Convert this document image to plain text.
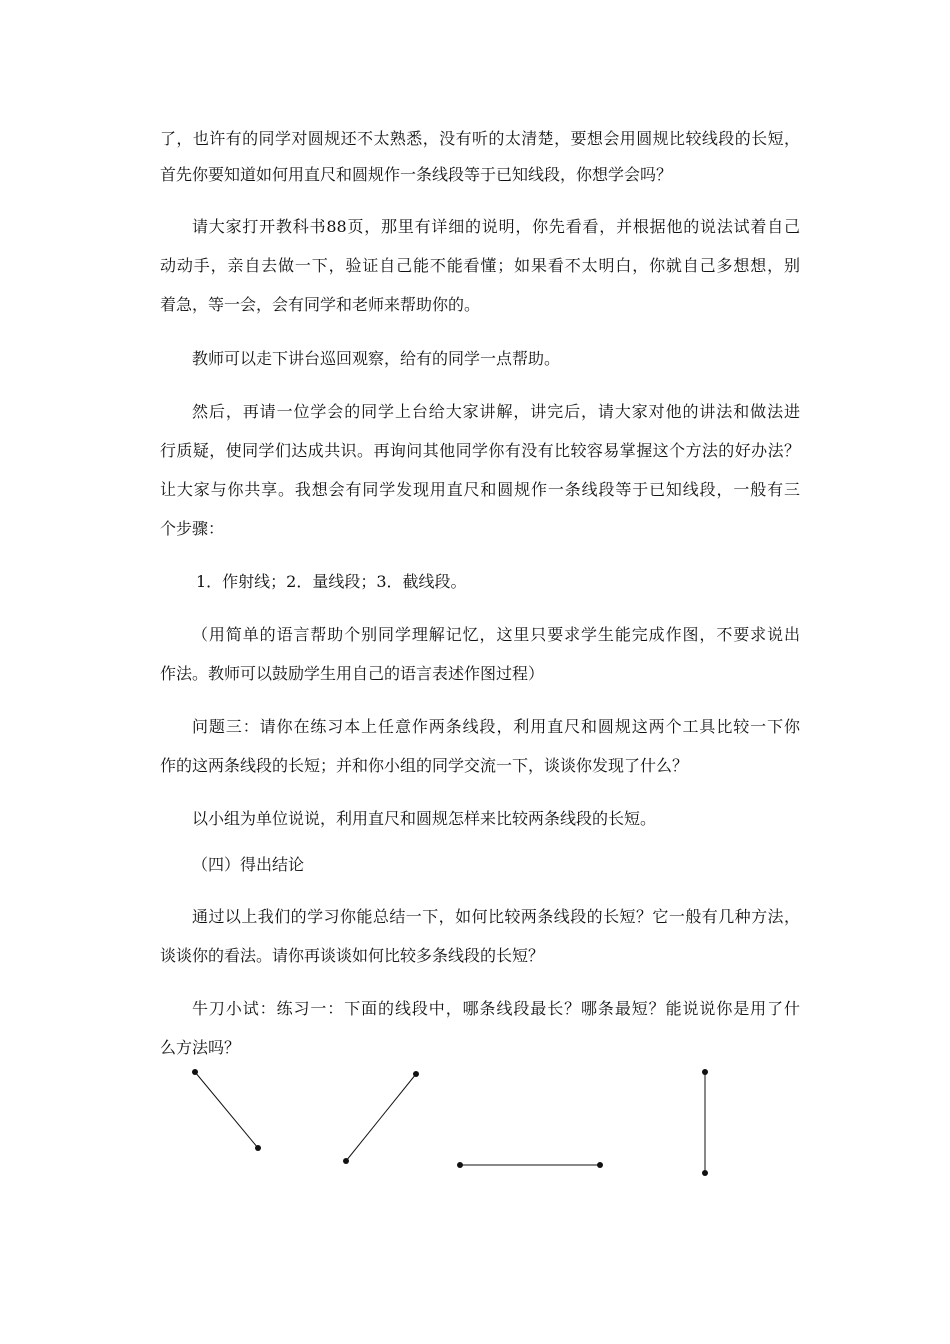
了，也许有的同学对圆规还不太熟悉，没有听的太清楚，要想会用圆规比较线段的长短，
首先你要知道如何用直尺和圆规作一条线段等于已知线段，你想学会吗？
请大家打开教科书88页，那里有详细的说明，你先看看，并根据他的说法试着自己
动动手，亲自去做一下，验证自己能不能看懂；如果看不太明白，你就自己多想想，别
着急，等一会，会有同学和老师来帮助你的。
教师可以走下讲台巡回观察，给有的同学一点帮助。
然后，再请一位学会的同学上台给大家讲解，讲完后，请大家对他的讲法和做法进
行质疑，使同学们达成共识。再询问其他同学你有没有比较容易掌握这个方法的好办法？
让大家与你共享。我想会有同学发现用直尺和圆规作一条线段等于已知线段，一般有三
个步骤：
1．作射线；2．量线段；3．截线段。
（用简单的语言帮助个别同学理解记忆，这里只要求学生能完成作图，不要求说出
作法。教师可以鼓励学生用自己的语言表述作图过程）
问题三：请你在练习本上任意作两条线段，利用直尺和圆规这两个工具比较一下你
作的这两条线段的长短；并和你小组的同学交流一下，谈谈你发现了什么？
以小组为单位说说，利用直尺和圆规怎样来比较两条线段的长短。
（四）得出结论
通过以上我们的学习你能总结一下，如何比较两条线段的长短？它一般有几种方法，
谈谈你的看法。请你再谈谈如何比较多条线段的长短？
牛刀小试：练习一：下面的线段中，哪条线段最长？哪条最短？能说说你是用了什
么方法吗？
